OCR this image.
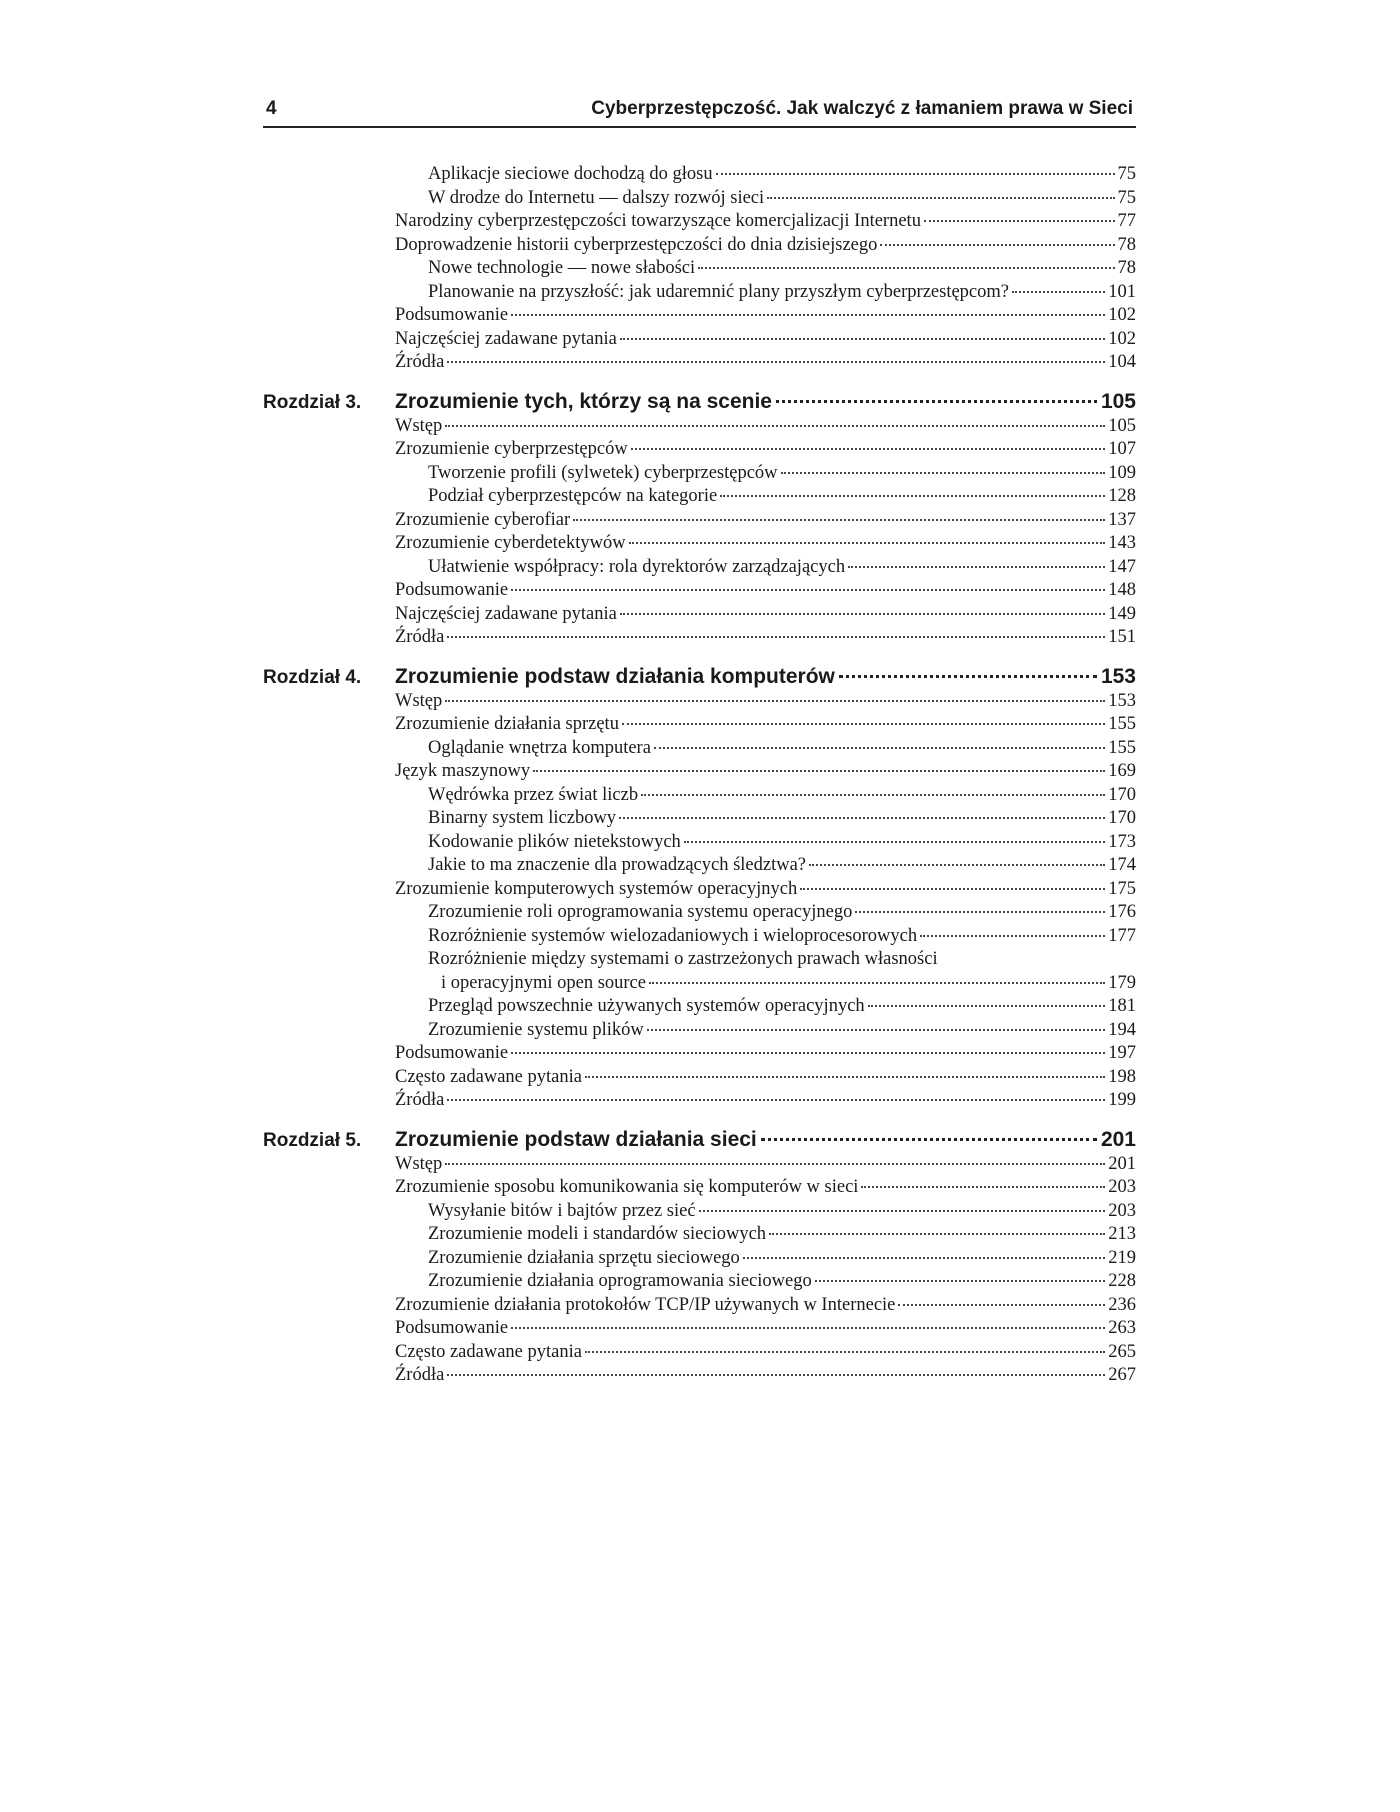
4	Cyberprzestępczość. Jak walczyć z łamaniem prawa w Sieci
Aplikacje sieciowe dochodzą do głosu	75
W drodze do Internetu — dalszy rozwój sieci	75
Narodziny cyberprzestępczości towarzyszące komercjalizacji Internetu	77
Doprowadzenie historii cyberprzestępczości do dnia dzisiejszego	78
Nowe technologie — nowe słabości	78
Planowanie na przyszłość: jak udaremnić plany przyszłym cyberprzestępcom?	101
Podsumowanie	102
Najczęściej zadawane pytania	102
Źródła	104
Rozdział 3.	Zrozumienie tych, którzy są na scenie	105
Wstęp	105
Zrozumienie cyberprzestępców	107
Tworzenie profili (sylwetek) cyberprzestępców	109
Podział cyberprzestępców na kategorie	128
Zrozumienie cyberofiar	137
Zrozumienie cyberdetektywów	143
Ułatwienie współpracy: rola dyrektorów zarządzających	147
Podsumowanie	148
Najczęściej zadawane pytania	149
Źródła	151
Rozdział 4.	Zrozumienie podstaw działania komputerów	153
Wstęp	153
Zrozumienie działania sprzętu	155
Oglądanie wnętrza komputera	155
Język maszynowy	169
Wędrówka przez świat liczb	170
Binarny system liczbowy	170
Kodowanie plików nietekstowych	173
Jakie to ma znaczenie dla prowadzących śledztwa?	174
Zrozumienie komputerowych systemów operacyjnych	175
Zrozumienie roli oprogramowania systemu operacyjnego	176
Rozróżnienie systemów wielozadaniowych i wieloprocesorowych	177
Rozróżnienie między systemami o zastrzeżonych prawach własności
i operacyjnymi open source	179
Przegląd powszechnie używanych systemów operacyjnych	181
Zrozumienie systemu plików	194
Podsumowanie	197
Często zadawane pytania	198
Źródła	199
Rozdział 5.	Zrozumienie podstaw działania sieci	201
Wstęp	201
Zrozumienie sposobu komunikowania się komputerów w sieci	203
Wysyłanie bitów i bajtów przez sieć	203
Zrozumienie modeli i standardów sieciowych	213
Zrozumienie działania sprzętu sieciowego	219
Zrozumienie działania oprogramowania sieciowego	228
Zrozumienie działania protokołów TCP/IP używanych w Internecie	236
Podsumowanie	263
Często zadawane pytania	265
Źródła	267
